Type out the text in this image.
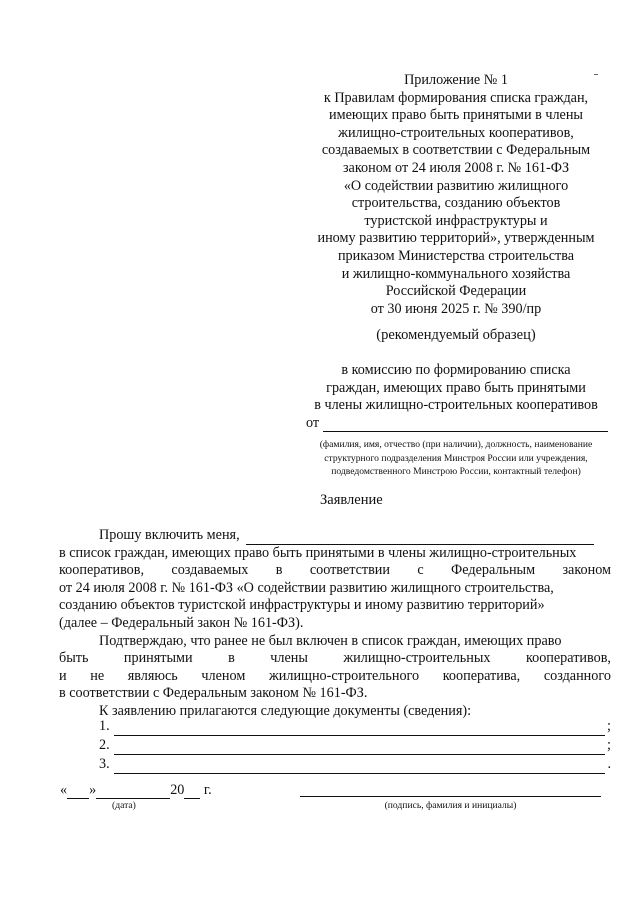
Приложение № 1
к Правилам формирования списка граждан,
имеющих право быть принятыми в члены
жилищно-строительных кооперативов,
создаваемых в соответствии с Федеральным
законом от 24 июля 2008 г. № 161-ФЗ
«О содействии развитию жилищного
строительства, созданию объектов
туристской инфраструктуры и
иному развитию территорий», утвержденным
приказом Министерства строительства
и жилищно-коммунального хозяйства
Российской Федерации
от 30 июня 2025 г. № 390/пр
(рекомендуемый образец)
в комиссию по формированию списка
граждан, имеющих право быть принятыми
в члены жилищно-строительных кооперативов
от
(фамилия, имя, отчество (при наличии), должность, наименование
структурного подразделения Минстроя России или учреждения,
подведомственного Минстрою России, контактный телефон)
Заявление
Прошу включить меня,
в список граждан, имеющих право быть принятыми в члены жилищно-строительных
кооперативов, создаваемых в соответствии с Федеральным законом
от 24 июля 2008 г. № 161-ФЗ «О содействии развитию жилищного строительства,
созданию объектов туристской инфраструктуры и иному развитию территорий»
(далее – Федеральный закон № 161-ФЗ).
Подтверждаю, что ранее не был включен в список граждан, имеющих право
быть принятыми в члены жилищно-строительных кооперативов,
и не являюсь членом жилищно-строительного кооператива, созданного
в соответствии с Федеральным законом № 161-ФЗ.
К заявлению прилагаются следующие документы (сведения):
1.	;
2.	;
3.	.
« »	20 г.
(дата)	(подпись, фамилия и инициалы)
